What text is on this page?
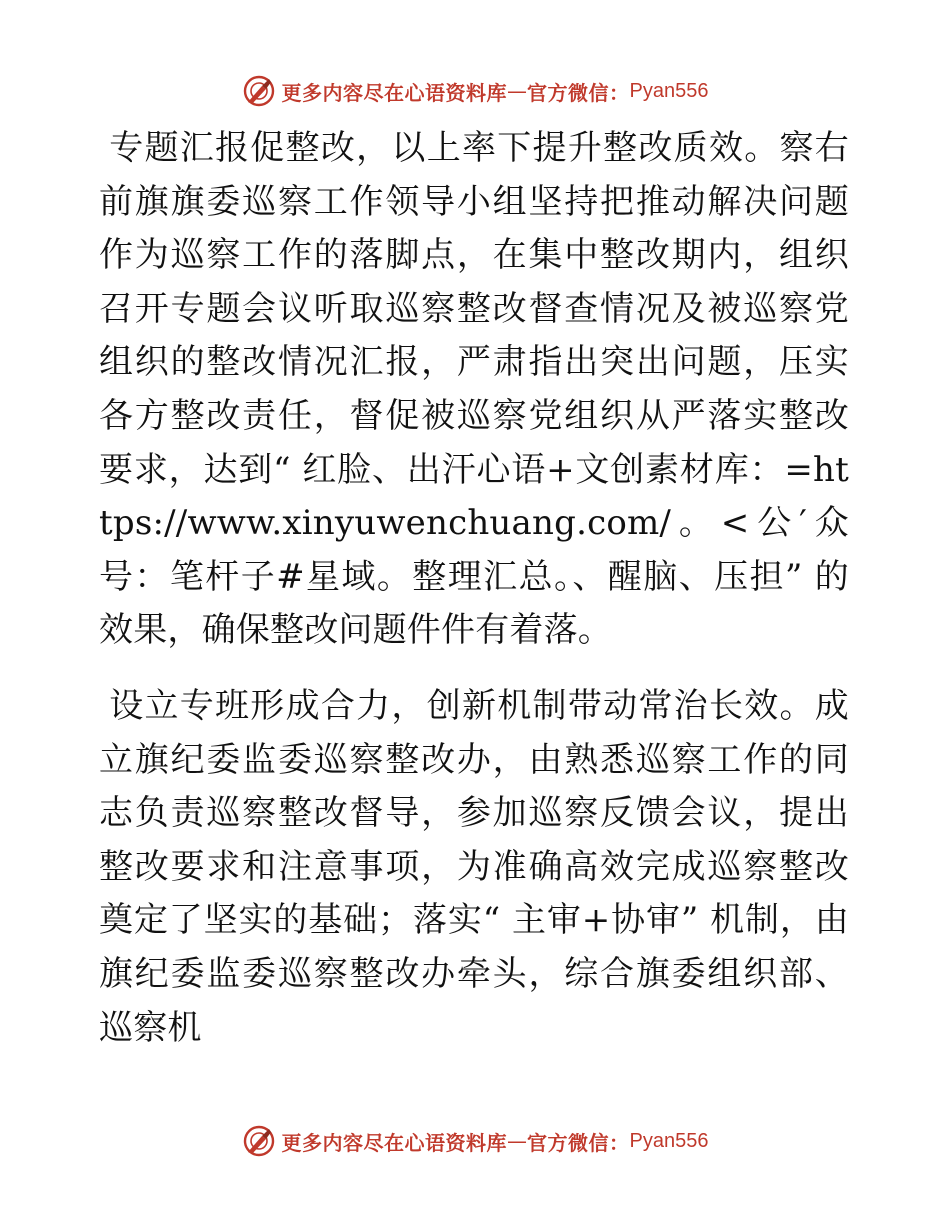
更多内容尽在心语资料库 — 官方微信： Pyan556

专题汇报促整改，以上率下提升整改质效。察右前旗旗委巡察工作领导小组坚持把推动解决问题作为巡察工作的落脚点，在集中整改期内，组织召开专题会议听取巡察整改督查情况及被巡察党组织的整改情况汇报，严肃指出突出问题，压实各方整改责任，督促被巡察党组织从严落实整改要求，达到“ 红脸、出汗心语+文创素材库：=https://www.xinyuwenchuang.com/。<公′众号：笔杆子#星域。整理汇总。、醒脑、压担” 的效果，确保整改问题件件有着落。

设立专班形成合力，创新机制带动常治长效。成立旗纪委监委巡察整改办，由熟悉巡察工作的同志负责巡察整改督导，参加巡察反馈会议，提出整改要求和注意事项，为准确高效完成巡察整改奠定了坚实的基础；落实“ 主审+协审” 机制，由旗纪委监委巡察整改办牵头，综合旗委组织部、巡察机

更多内容尽在心语资料库 — 官方微信： Pyan556
